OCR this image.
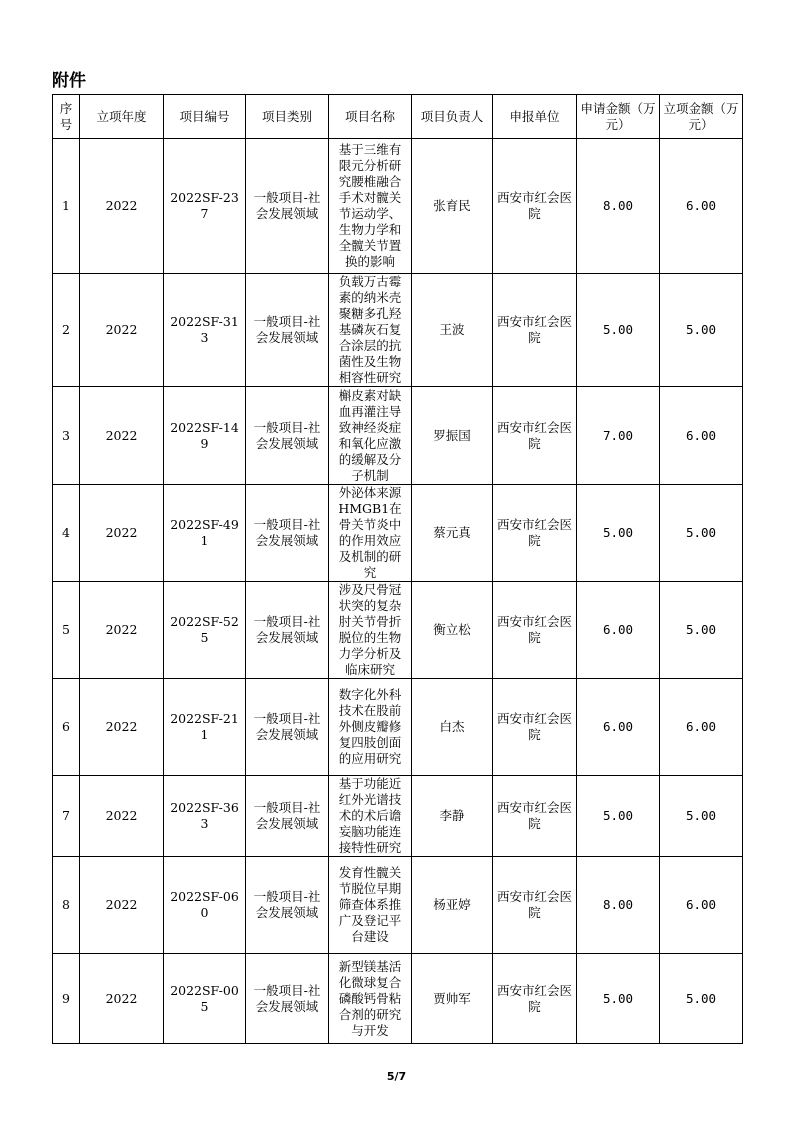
附件
序号	立项年度	项目编号	项目类别	项目名称	项目负责人	申报单位	申请金额（万元）	立项金额（万元）
1	2022	2022SF-237	一般项目-社会发展领域	基于三维有限元分析研究腰椎融合手术对髋关节运动学、生物力学和全髋关节置换的影响	张育民	西安市红会医院	8.00	6.00
2	2022	2022SF-313	一般项目-社会发展领域	负载万古霉素的纳米壳聚糖多孔羟基磷灰石复合涂层的抗菌性及生物相容性研究	王波	西安市红会医院	5.00	5.00
3	2022	2022SF-149	一般项目-社会发展领域	槲皮素对缺血再灌注导致神经炎症和氧化应激的缓解及分子机制	罗振国	西安市红会医院	7.00	6.00
4	2022	2022SF-491	一般项目-社会发展领域	外泌体来源HMGB1在骨关节炎中的作用效应及机制的研究	蔡元真	西安市红会医院	5.00	5.00
5	2022	2022SF-525	一般项目-社会发展领域	涉及尺骨冠状突的复杂肘关节骨折脱位的生物力学分析及临床研究	衡立松	西安市红会医院	6.00	5.00
6	2022	2022SF-211	一般项目-社会发展领域	数字化外科技术在股前外侧皮瓣修复四肢创面的应用研究	白杰	西安市红会医院	6.00	6.00
7	2022	2022SF-363	一般项目-社会发展领域	基于功能近红外光谱技术的术后谵妄脑功能连接特性研究	李静	西安市红会医院	5.00	5.00
8	2022	2022SF-060	一般项目-社会发展领域	发育性髋关节脱位早期筛查体系推广及登记平台建设	杨亚婷	西安市红会医院	8.00	6.00
9	2022	2022SF-005	一般项目-社会发展领域	新型镁基活化微球复合磷酸钙骨粘合剂的研究与开发	贾帅军	西安市红会医院	5.00	5.00
5/7
